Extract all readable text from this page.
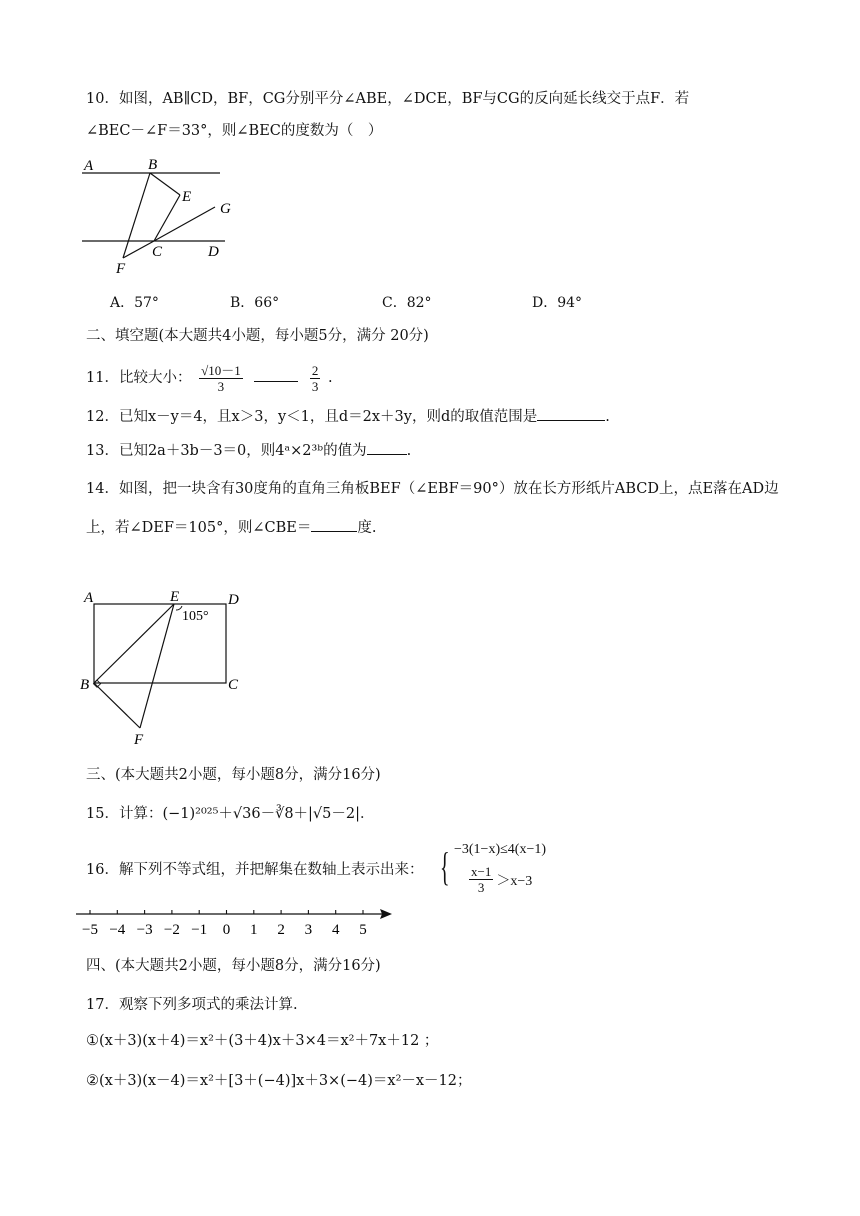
10．如图，AB∥CD，BF，CG分别平分∠ABE，∠DCE，BF与CG的反向延长线交于点F．若
∠BEC－∠F＝33°，则∠BEC的度数为（　）
A	B
E
G
C	D
F
A．57°	B．66°	C．82°	D．94°
二、填空题(本大题共4小题，每小题5分，满分 20分)
11．比较大小： $\frac{√10-1}{3}$
	$\frac{2}{3}$ .
12．已知x－y＝4，且x＞3，y＜1，且d＝2x＋3y，则d的取值范围是	.
13．已知2a＋3b－3＝0，则4ᵃ×2³ᵇ的值为	.
14．如图，把一块含有30度角的直角三角板BEF（∠EBF＝90°）放在长方形纸片ABCD上，点E落在AD边
上，若∠DEF＝105°，则∠CBE＝	度.
A	E	D
B	C
F
105°
三、(本大题共2小题，每小题8分，满分16分)
15．计算：(−1)²⁰²⁵＋√36－∛8＋|√5－2|．
16．解下列不等式组，并把解集在数轴上表示出来： { −3(1−x)≤4(x−1)
$\frac{x-1}{3} >x-3$
−5 −4 −3 −2 −1 0 1 2 3 4 5
四、(本大题共2小题，每小题8分，满分16分)
17．观察下列多项式的乘法计算.
①(x＋3)(x＋4)＝x²＋(3＋4)x＋3×4＝x²＋7x＋12 ；
②(x＋3)(x－4)＝x²＋[3＋(−4)]x＋3×(−4)＝x²－x－12；
